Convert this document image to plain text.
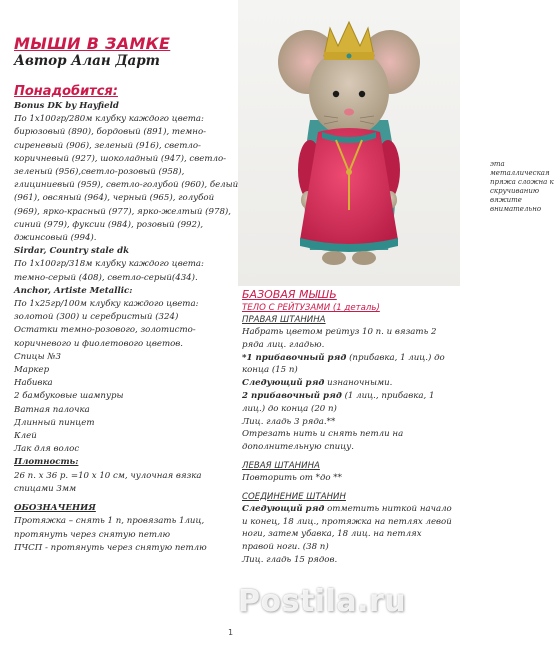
МЫШИ В ЗАМКЕ

Автор Алан Дарт

Понадобится:

Bonus DK by Hayfield

По 1х100гр/280м клубку каждого цвета:

бирюзовый (890), бордовый (891), темно-сиреневый (906), зеленый (916), светло-коричневый (927), шоколадный (947), светло-зеленый (956),светло-розовый (958), глициниевый (959), светло-голубой (960), белый (961), овсяный (964), черный (965), голубой (969), ярко-красный (977), ярко-желтый (978), синий (979), фуксии (984), розовый (992), джинсовый (994).

Sirdar, Country stale dk

По 1х100гр/318м клубку каждого цвета:

темно-серый (408), светло-серый(434).

Anchor, Artiste Metallic:

По 1х25гр/100м клубку каждого цвета:

золотой (300) и серебристый (324)

Остатки темно-розового, золотисто-коричневого и фиолетового цветов.

Спицы №3

Маркер

Набивка

2 бамбуковые шампуры

Ватная палочка

Длинный пинцет

Клей

Лак для волос

Плотность:

26 п. х 36 р. =10 х 10 см, чулочная вязка спицами 3мм

ОБОЗНАЧЕНИЯ

Протяжка – снять 1 п, провязать 1лиц, протянуть через снятую петлю

ПЧСП - протянуть через снятую петлю

эта металлическая пряжа сложна к скручиванию вяжите внимательно

БАЗОВАЯ МЫШЬ

ТЕЛО С РЕЙТУЗАМИ (1 деталь)

ПРАВАЯ ШТАНИНА

Набрать цветом рейтуз 10 п. и вязать 2 ряда лиц. гладью.

*1 прибавочный ряд (прибавка, 1 лиц.) до конца (15 п)

Следующий ряд изнаночными.

2 прибавочный ряд (1 лиц., прибавка, 1 лиц.) до конца (20 п)

Лиц. гладь 3 ряда.**

Отрезать нить и снять петли на дополнительную спицу.

ЛЕВАЯ ШТАНИНА

Повторить от *до **

СОЕДИНЕНИЕ ШТАНИН

Следующий ряд отметить ниткой начало и конец, 18 лиц., протяжка на петлях левой ноги, затем убавка, 18 лиц. на петлях правой ноги. (38 п)

Лиц. гладь 15 рядов.

Postila.ru
1
